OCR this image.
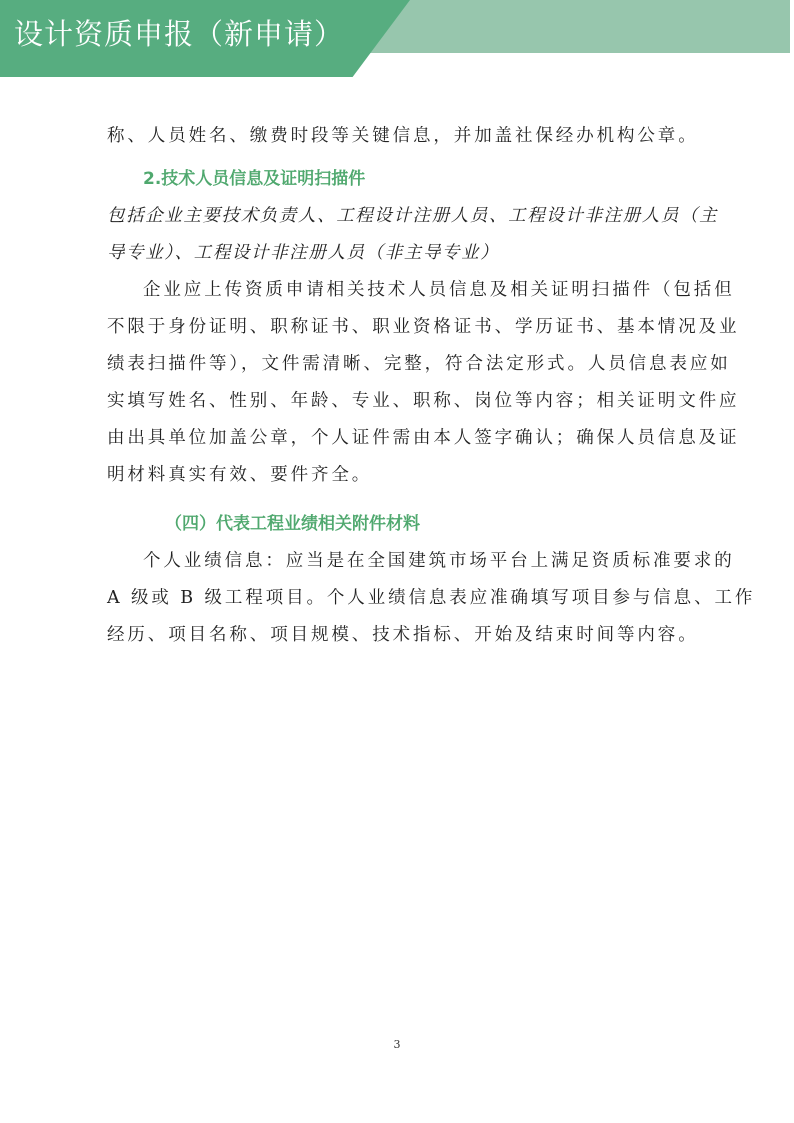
设计资质申报（新申请）
称、人员姓名、缴费时段等关键信息，并加盖社保经办机构公章。
2.技术人员信息及证明扫描件
包括企业主要技术负责人、工程设计注册人员、工程设计非注册人员（主
导专业）、工程设计非注册人员（非主导专业）
企业应上传资质申请相关技术人员信息及相关证明扫描件（包括但
不限于身份证明、职称证书、职业资格证书、学历证书、基本情况及业
绩表扫描件等），文件需清晰、完整，符合法定形式。人员信息表应如
实填写姓名、性别、年龄、专业、职称、岗位等内容；相关证明文件应
由出具单位加盖公章，个人证件需由本人签字确认；确保人员信息及证
明材料真实有效、要件齐全。
（四）代表工程业绩相关附件材料
个人业绩信息：应当是在全国建筑市场平台上满足资质标准要求的
A 级或 B 级工程项目。个人业绩信息表应准确填写项目参与信息、工作
经历、项目名称、项目规模、技术指标、开始及结束时间等内容。
3
